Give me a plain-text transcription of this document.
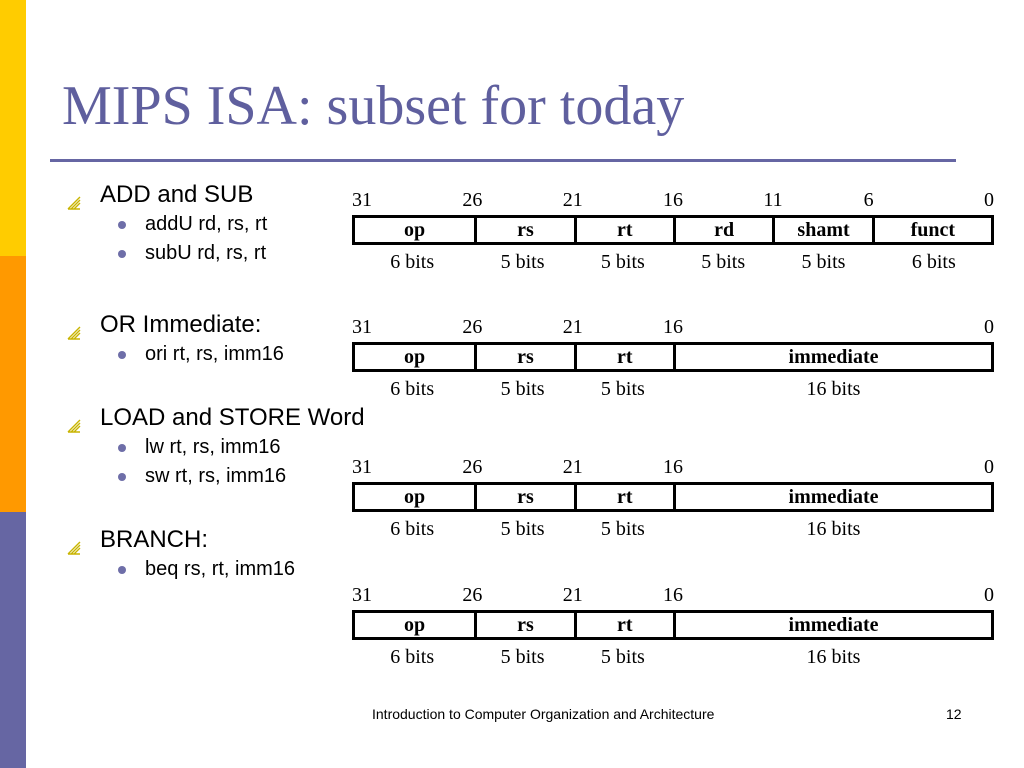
MIPS ISA: subset for today
ADD and SUB
addU rd, rs, rt
subU rd, rs, rt
OR Immediate:
ori rt, rs, imm16
LOAD and STORE Word
lw rt, rs, imm16
sw rt, rs, imm16
BRANCH:
beq rs, rt, imm16
31	26	21	16	11	6	0
op	rs	rt	rd	shamt	funct
6 bits	5 bits	5 bits	5 bits	5 bits	6 bits
31	26	21	16	0
op	rs	rt	immediate
6 bits	5 bits	5 bits	16 bits
31	26	21	16	0
op	rs	rt	immediate
6 bits	5 bits	5 bits	16 bits
31	26	21	16	0
op	rs	rt	immediate
6 bits	5 bits	5 bits	16 bits
Introduction to Computer Organization and Architecture	12
